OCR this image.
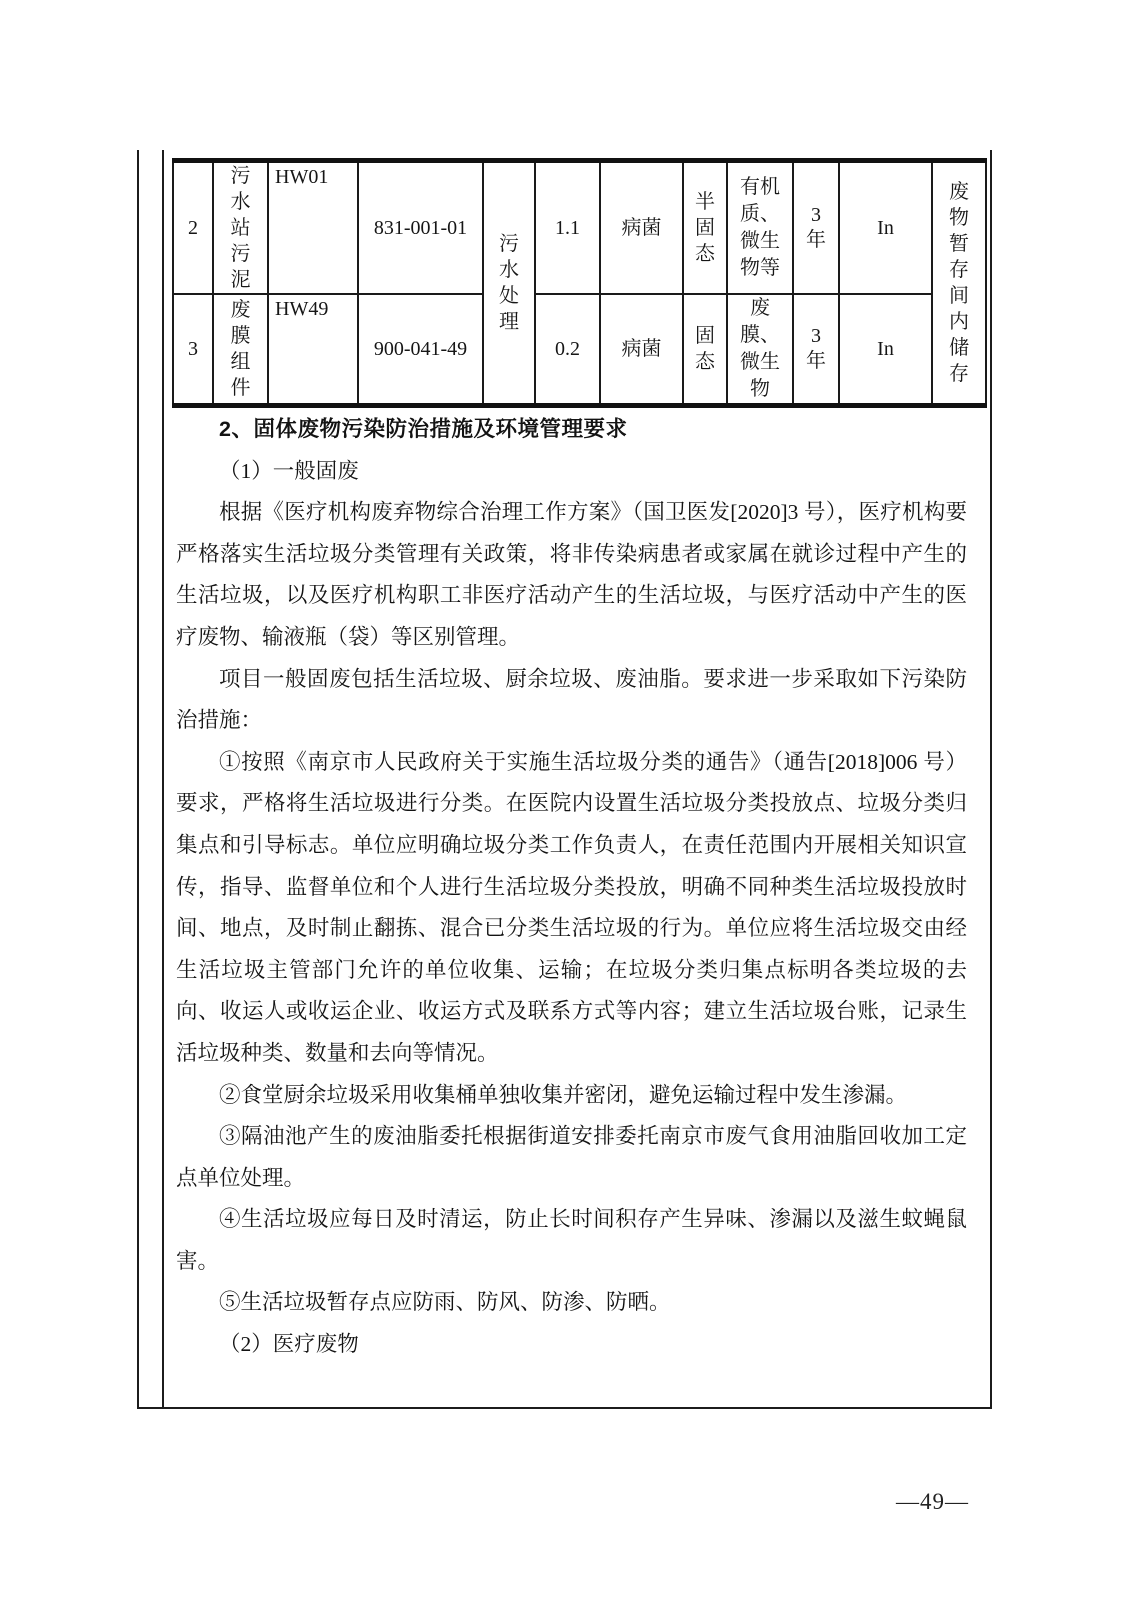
2	污水站污泥	HW01	831-001-01	污水处理	1.1	病菌	半固态	有机质、微生物等	3年	In	废物暂存间内储存

3	废膜组件	HW49	900-041-49		0.2	病菌	固态	废膜、微生物	3年	In	

2、固体废物污染防治措施及环境管理要求

（1）一般固废

根据《医疗机构废弃物综合治理工作方案》（国卫医发[2020]3 号），医疗机构要严格落实生活垃圾分类管理有关政策，将非传染病患者或家属在就诊过程中产生的生活垃圾，以及医疗机构职工非医疗活动产生的生活垃圾，与医疗活动中产生的医疗废物、输液瓶（袋）等区别管理。

项目一般固废包括生活垃圾、厨余垃圾、废油脂。要求进一步采取如下污染防治措施：

①按照《南京市人民政府关于实施生活垃圾分类的通告》（通告[2018]006 号）要求，严格将生活垃圾进行分类。在医院内设置生活垃圾分类投放点、垃圾分类归集点和引导标志。单位应明确垃圾分类工作负责人，在责任范围内开展相关知识宣传，指导、监督单位和个人进行生活垃圾分类投放，明确不同种类生活垃圾投放时间、地点，及时制止翻拣、混合已分类生活垃圾的行为。单位应将生活垃圾交由经生活垃圾主管部门允许的单位收集、运输；在垃圾分类归集点标明各类垃圾的去向、收运人或收运企业、收运方式及联系方式等内容；建立生活垃圾台账，记录生活垃圾种类、数量和去向等情况。

②食堂厨余垃圾采用收集桶单独收集并密闭，避免运输过程中发生渗漏。

③隔油池产生的废油脂委托根据街道安排委托南京市废气食用油脂回收加工定点单位处理。

④生活垃圾应每日及时清运，防止长时间积存产生异味、渗漏以及滋生蚊蝇鼠害。

⑤生活垃圾暂存点应防雨、防风、防渗、防晒。

（2）医疗废物

—49—
